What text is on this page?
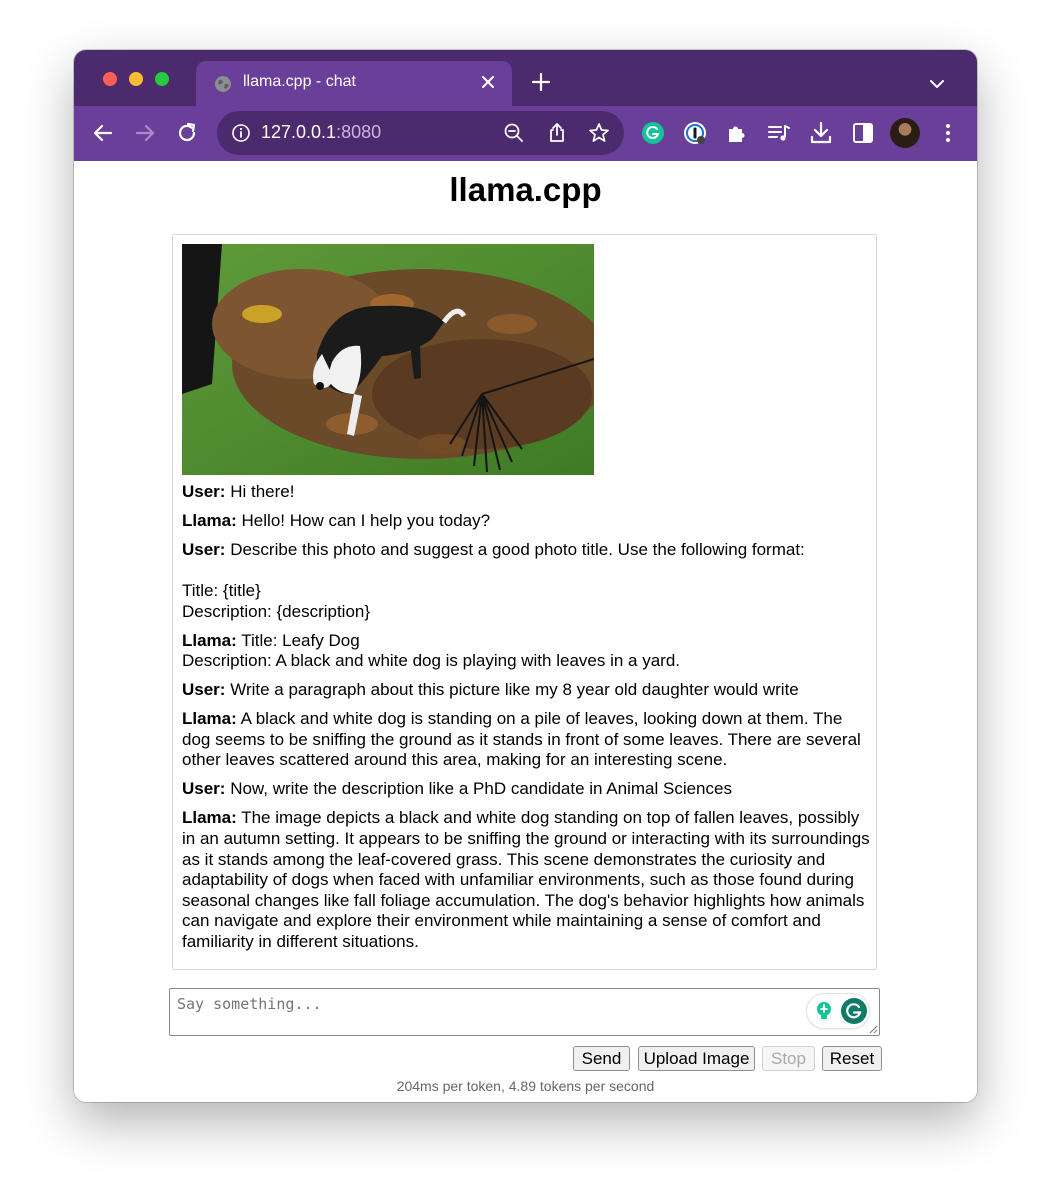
llama.cpp - chat
127.0.0.1:8080
llama.cpp

User: Hi there!

Llama: Hello! How can I help you today?

User: Describe this photo and suggest a good photo title. Use the following format:

Title: {title}
Description: {description}

Llama: Title: Leafy Dog
Description: A black and white dog is playing with leaves in a yard.

User: Write a paragraph about this picture like my 8 year old daughter would write

Llama: A black and white dog is standing on a pile of leaves, looking down at them. The dog seems to be sniffing the ground as it stands in front of some leaves. There are several other leaves scattered around this area, making for an interesting scene.

User: Now, write the description like a PhD candidate in Animal Sciences

Llama: The image depicts a black and white dog standing on top of fallen leaves, possibly in an autumn setting. It appears to be sniffing the ground or interacting with its surroundings as it stands among the leaf-covered grass. This scene demonstrates the curiosity and adaptability of dogs when faced with unfamiliar environments, such as those found during seasonal changes like fall foliage accumulation. The dog's behavior highlights how animals can navigate and explore their environment while maintaining a sense of comfort and familiarity in different situations.

Say something...
Send	Upload Image	Stop	Reset
204ms per token, 4.89 tokens per second
